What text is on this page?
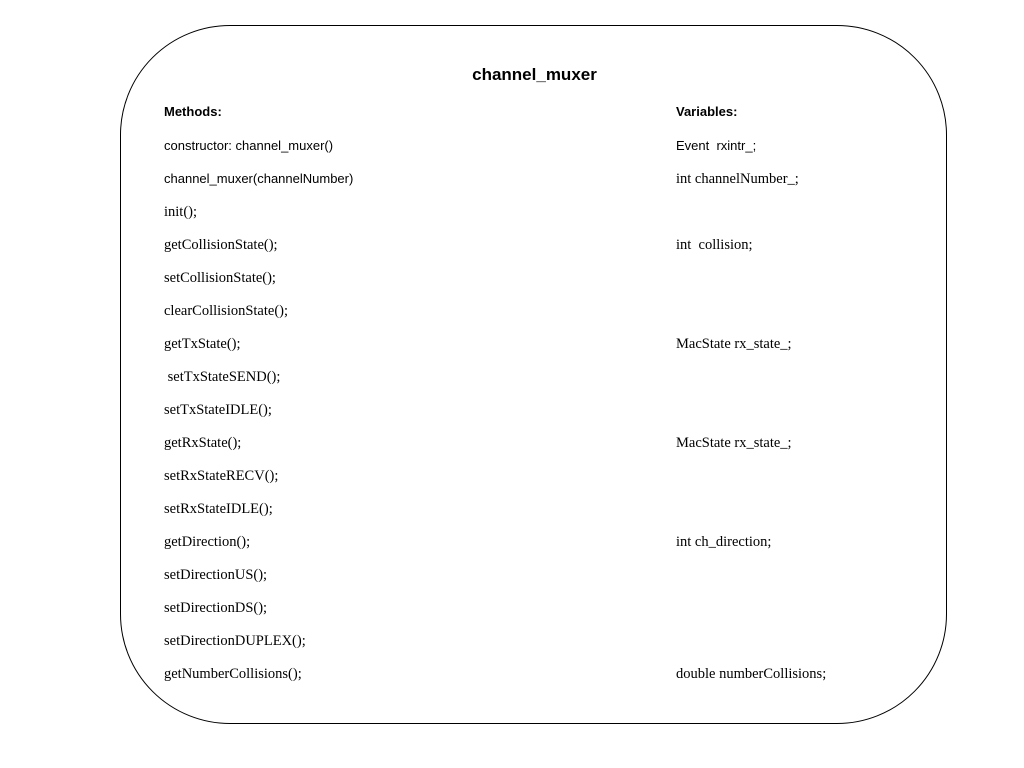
channel_muxer
Methods:	Variables:
constructor: channel_muxer()
channel_muxer(channelNumber)
init();
getCollisionState();
setCollisionState();
clearCollisionState();
getTxState();
setTxStateSEND();
setTxStateIDLE();
getRxState();
setRxStateRECV();
setRxStateIDLE();
getDirection();
setDirectionUS();
setDirectionDS();
setDirectionDUPLEX();
getNumberCollisions();
Event  rxintr_;
int channelNumber_;
int  collision;
MacState rx_state_;
MacState rx_state_;
int ch_direction;
double numberCollisions;
